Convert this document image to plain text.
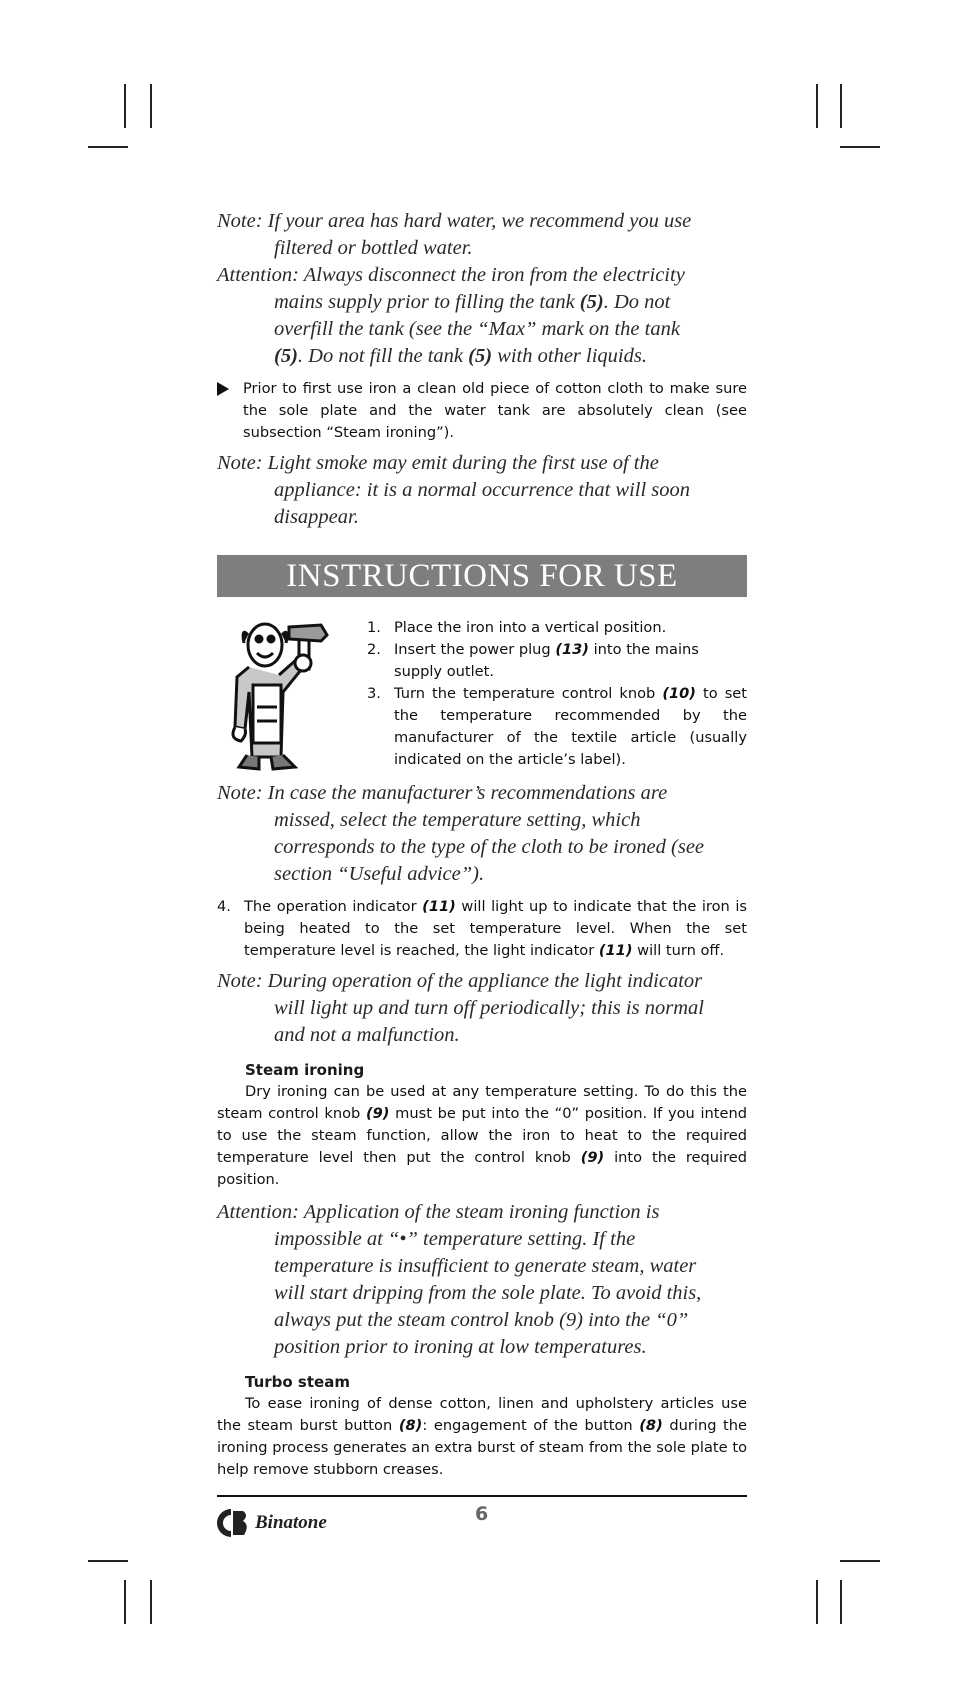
Note: If your area has hard water, we recommend you use
filtered or bottled water.

Attention: Always disconnect the iron from the electricity
mains supply prior to filling the tank (5). Do not
overfill the tank (see the “Max” mark on the tank
(5). Do not fill the tank (5) with other liquids.

Prior to first use iron a clean old piece of cotton cloth to make sure the sole plate and the water tank are absolutely clean (see subsection “Steam ironing”).

Note: Light smoke may emit during the first use of the
appliance: it is a normal occurrence that will soon
disappear.

INSTRUCTIONS FOR USE
1. Place the iron into a vertical position.
2. Insert the power plug (13) into the mains supply outlet.
3. Turn the temperature control knob (10) to set the temperature recommended by the manufacturer of the textile article (usually indicated on the article’s label).

Note: In case the manufacturer’s recommendations are
missed, select the temperature setting, which
corresponds to the type of the cloth to be ironed (see
section “Useful advice”).

4. The operation indicator (11) will light up to indicate that the iron is being heated to the set temperature level. When the set temperature level is reached, the light indicator (11) will turn off.

Note: During operation of the appliance the light indicator
will light up and turn off periodically; this is normal
and not a malfunction.

Steam ironing
Dry ironing can be used at any temperature setting. To do this the steam control knob (9) must be put into the “0” position. If you intend to use the steam function, allow the iron to heat to the required temperature level then put the control knob (9) into the required position.

Attention: Application of the steam ironing function is
impossible at “•” temperature setting. If the
temperature is insufficient to generate steam, water
will start dripping from the sole plate. To avoid this,
always put the steam control knob (9) into the “0”
position prior to ironing at low temperatures.

Turbo steam
To ease ironing of dense cotton, linen and upholstery articles use the steam burst button (8): engagement of the button (8) during the ironing process generates an extra burst of steam from the sole plate to help remove stubborn creases.
Binatone	6
